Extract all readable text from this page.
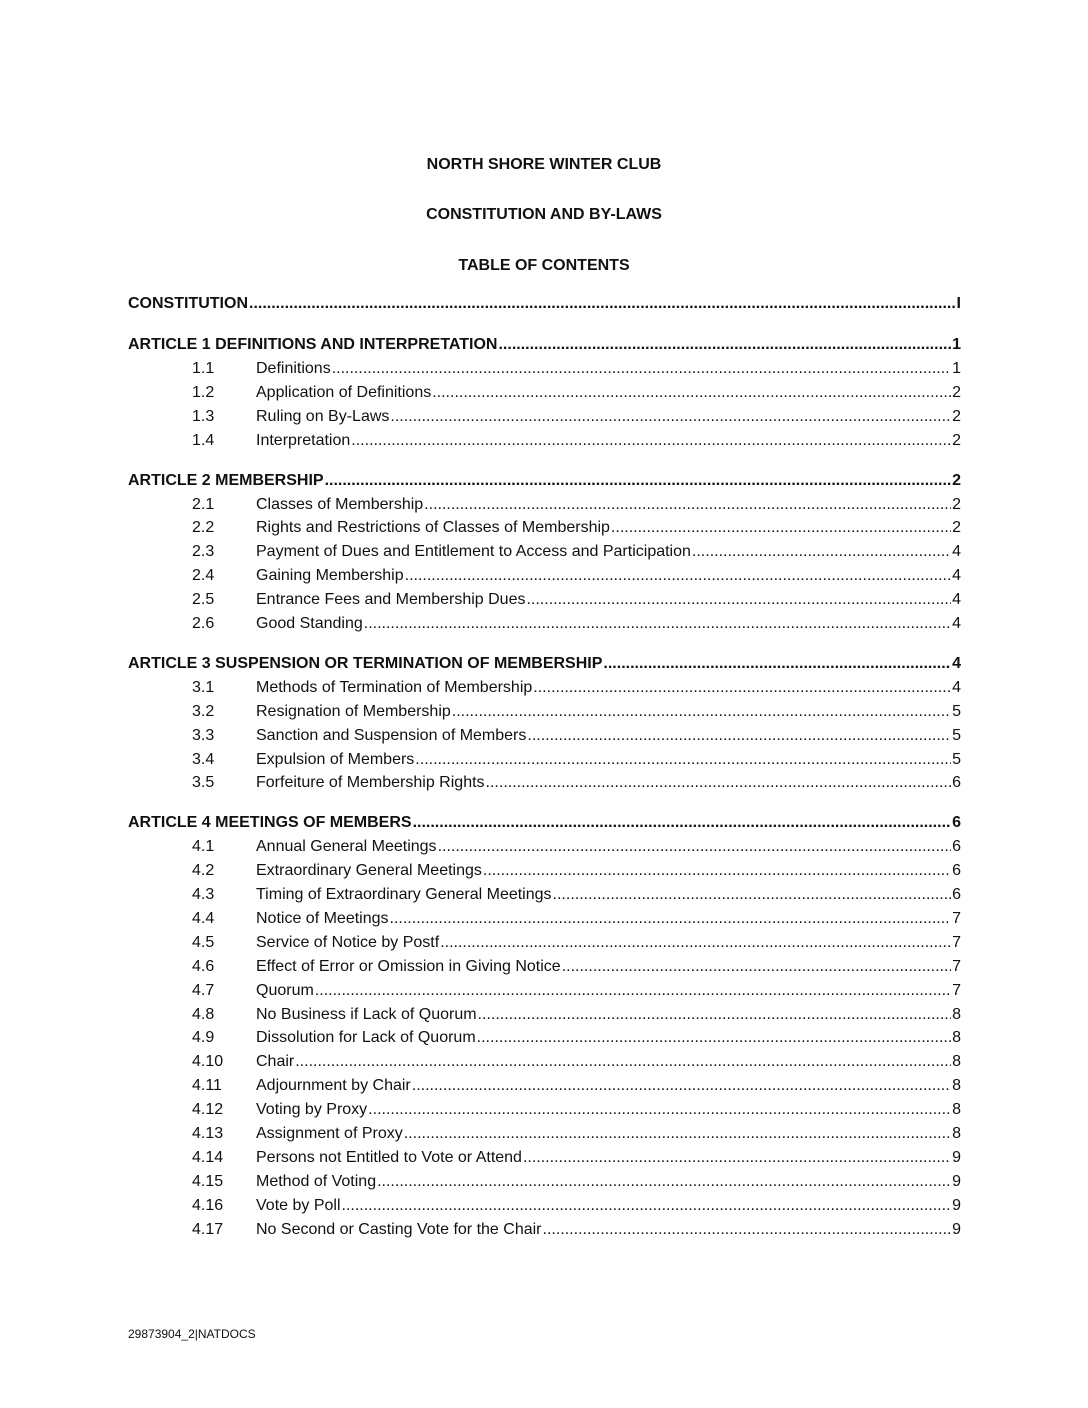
NORTH SHORE WINTER CLUB
CONSTITUTION AND BY-LAWS
TABLE OF CONTENTS
CONSTITUTION .....	I
ARTICLE 1 DEFINITIONS AND INTERPRETATION .....	1
1.1	Definitions .....	1
1.2	Application of Definitions .....	2
1.3	Ruling on By-Laws .....	2
1.4	Interpretation .....	2
ARTICLE 2 MEMBERSHIP .....	2
2.1	Classes of Membership .....	2
2.2	Rights and Restrictions of Classes of Membership .....	2
2.3	Payment of Dues and Entitlement to Access and Participation .....	4
2.4	Gaining Membership .....	4
2.5	Entrance Fees and Membership Dues .....	4
2.6	Good Standing .....	4
ARTICLE 3 SUSPENSION OR TERMINATION OF MEMBERSHIP .....	4
3.1	Methods of Termination of Membership .....	4
3.2	Resignation of Membership .....	5
3.3	Sanction and Suspension of Members .....	5
3.4	Expulsion of Members .....	5
3.5	Forfeiture of Membership Rights .....	6
ARTICLE 4 MEETINGS OF MEMBERS .....	6
4.1	Annual General Meetings .....	6
4.2	Extraordinary General Meetings .....	6
4.3	Timing of Extraordinary General Meetings .....	6
4.4	Notice of Meetings .....	7
4.5	Service of Notice by Postf .....	7
4.6	Effect of Error or Omission in Giving Notice .....	7
4.7	Quorum .....	7
4.8	No Business if Lack of Quorum .....	8
4.9	Dissolution for Lack of Quorum .....	8
4.10	Chair .....	8
4.11	Adjournment by Chair .....	8
4.12	Voting by Proxy .....	8
4.13	Assignment of Proxy .....	8
4.14	Persons not Entitled to Vote or Attend .....	9
4.15	Method of Voting .....	9
4.16	Vote by Poll .....	9
4.17	No Second or Casting Vote for the Chair .....	9
29873904_2|NATDOCS
